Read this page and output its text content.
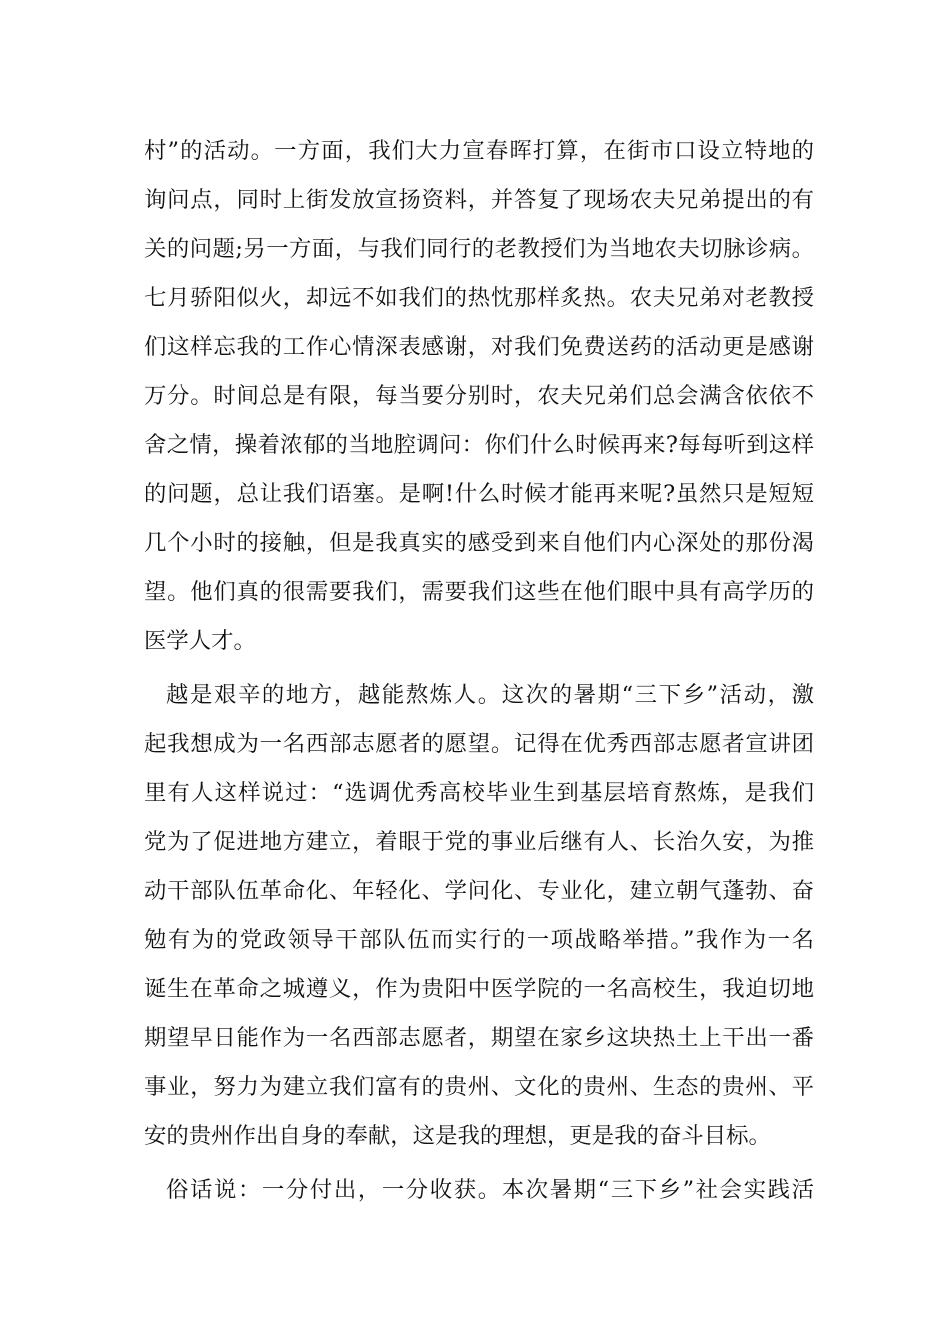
村”的活动。一方面，我们大力宣春晖打算，在街市口设立特地的
询问点，同时上街发放宣扬资料，并答复了现场农夫兄弟提出的有
关的问题;另一方面，与我们同行的老教授们为当地农夫切脉诊病。
七月骄阳似火，却远不如我们的热忱那样炙热。农夫兄弟对老教授
们这样忘我的工作心情深表感谢，对我们免费送药的活动更是感谢
万分。时间总是有限，每当要分别时，农夫兄弟们总会满含依依不
舍之情，操着浓郁的当地腔调问：你们什么时候再来?每每听到这样
的问题，总让我们语塞。是啊!什么时候才能再来呢?虽然只是短短
几个小时的接触，但是我真实的感受到来自他们内心深处的那份渴
望。他们真的很需要我们，需要我们这些在他们眼中具有高学历的
医学人才。
越是艰辛的地方，越能熬炼人。这次的暑期“三下乡”活动，激
起我想成为一名西部志愿者的愿望。记得在优秀西部志愿者宣讲团
里有人这样说过：“选调优秀高校毕业生到基层培育熬炼，是我们
党为了促进地方建立，着眼于党的事业后继有人、长治久安，为推
动干部队伍革命化、年轻化、学问化、专业化，建立朝气蓬勃、奋
勉有为的党政领导干部队伍而实行的一项战略举措。”我作为一名
诞生在革命之城遵义，作为贵阳中医学院的一名高校生，我迫切地
期望早日能作为一名西部志愿者，期望在家乡这块热土上干出一番
事业，努力为建立我们富有的贵州、文化的贵州、生态的贵州、平
安的贵州作出自身的奉献，这是我的理想，更是我的奋斗目标。
俗话说：一分付出，一分收获。本次暑期“三下乡”社会实践活
